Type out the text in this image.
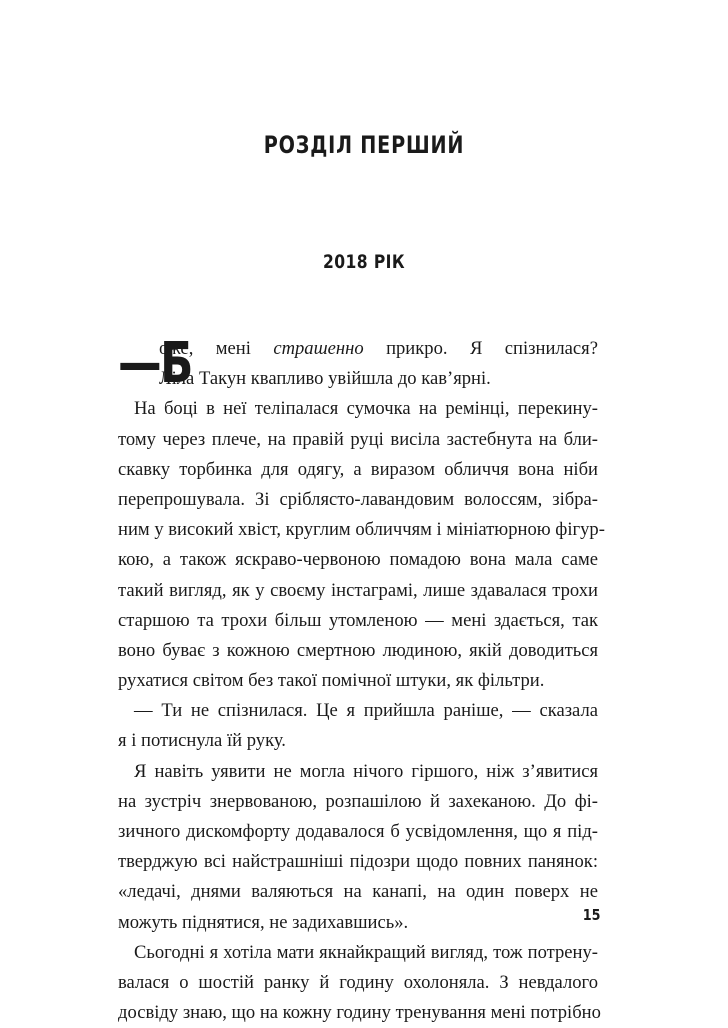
РОЗДІЛ ПЕРШИЙ
2018 РІК
—Б
оже, мені страшенно прикро. Я спізнилася?
Ліла Такун квапливо увійшла до кав’ярні.
На боці в неї теліпалася сумочка на ремінці, перекину-
тому через плече, на правій руці висіла застебнута на бли-
скавку торбинка для одягу, а виразом обличчя вона ніби
перепрошувала. Зі сріблясто-лавандовим волоссям, зібра-
ним у високий хвіст, круглим обличчям і мініатюрною фігур-
кою, а також яскраво-червоною помадою вона мала саме
такий вигляд, як у своєму інстаграмі, лише здавалася трохи
старшою та трохи більш утомленою — мені здається, так
воно буває з кожною смертною людиною, якій доводиться
рухатися світом без такої помічної штуки, як фільтри.
— Ти не спізнилася. Це я прийшла раніше, — сказала
я і потиснула їй руку.
Я навіть уявити не могла нічого гіршого, ніж з’явитися
на зустріч знервованою, розпашілою й захеканою. До фі-
зичного дискомфорту додавалося б усвідомлення, що я під-
тверджую всі найстрашніші підозри щодо повних панянок:
«ледачі, днями валяються на канапі, на один поверх не
можуть піднятися, не задихавшись».
Сьогодні я хотіла мати якнайкращий вигляд, тож потрену-
валася о шостій ранку й годину охолоняла. З невдалого
досвіду знаю, що на кожну годину тренування мені потрібно
15
